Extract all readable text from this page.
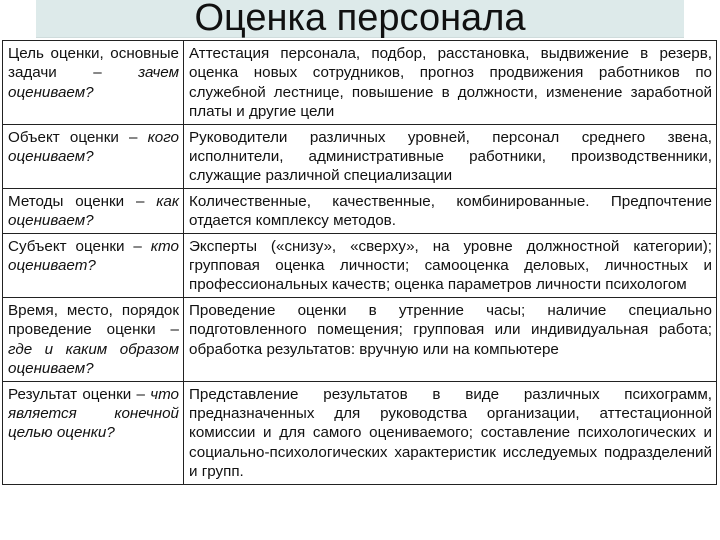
Оценка персонала
Цель оценки, основные задачи – зачем оцениваем?	Аттестация персонала, подбор, расстановка, выдвижение в резерв, оценка новых сотрудников, прогноз продвижения работников по служебной лестнице, повышение в должности, изменение заработной платы и другие цели
Объект оценки – кого оцениваем?	Руководители различных уровней, персонал среднего звена, исполнители, административные работники, производственники, служащие различной специализации
Методы оценки – как оцениваем?	Количественные, качественные, комбинированные. Предпочтение отдается комплексу методов.
Субъект оценки – кто оценивает?	Эксперты («снизу», «сверху», на уровне должностной категории); групповая оценка личности; самооценка деловых, личностных и профессиональных качеств; оценка параметров личности психологом
Время, место, порядок проведение оценки – где и каким образом оцениваем?	Проведение оценки в утренние часы; наличие специально подготовленного помещения; групповая или индивидуальная работа; обработка результатов: вручную или на компьютере
Результат оценки – что является конечной целью оценки?	Представление результатов в виде различных психограмм, предназначенных для руководства организации, аттестационной комиссии и для самого оцениваемого; составление психологических и социально-психологических характеристик исследуемых подразделений и групп.
